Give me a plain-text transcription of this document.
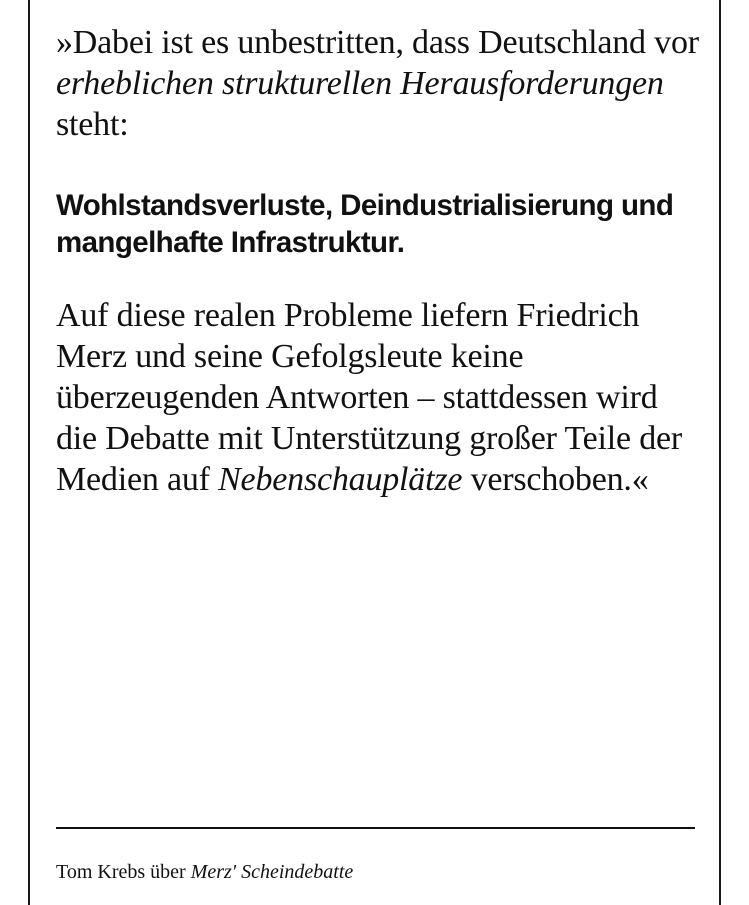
»Dabei ist es unbestritten, dass Deutschland vor erheblichen strukturellen Herausforderungen steht:

Wohlstandsverluste, Deindustrialisierung und mangelhafte Infrastruktur.

Auf diese realen Probleme liefern Friedrich Merz und seine Gefolgsleute keine überzeugenden Antworten – stattdessen wird die Debatte mit Unterstützung großer Teile der Medien auf Nebenschauplätze verschoben.«

Tom Krebs über Merz' Scheindebatte
